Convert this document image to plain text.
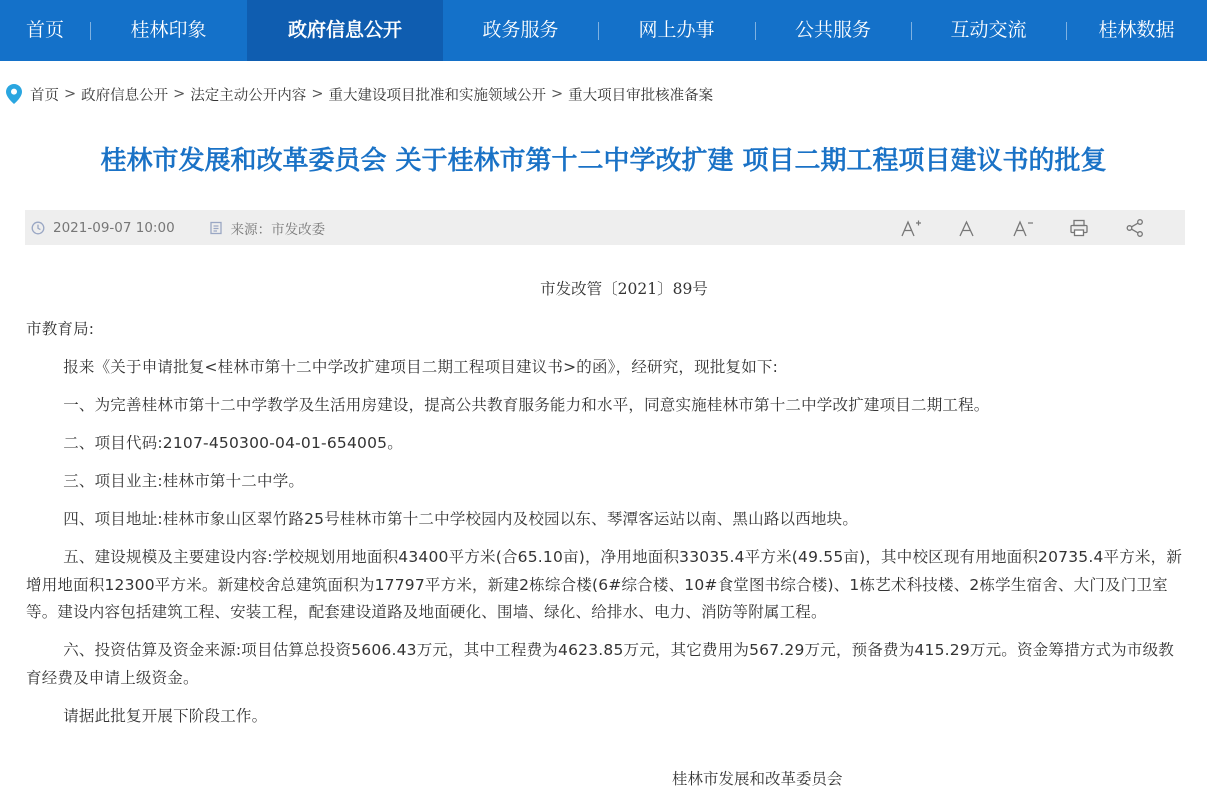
首页	桂林印象	政府信息公开	政务服务	网上办事	公共服务	互动交流	桂林数据
首页 > 政府信息公开 > 法定主动公开内容 > 重大建设项目批准和实施领域公开 > 重大项目审批核准备案
桂林市发展和改革委员会 关于桂林市第十二中学改扩建 项目二期工程项目建议书的批复
2021-09-07 10:00	来源：市发改委
市发改管〔2021〕89号

市教育局:

报来《关于申请批复<桂林市第十二中学改扩建项目二期工程项目建议书>的函》，经研究，现批复如下:

一、为完善桂林市第十二中学教学及生活用房建设，提高公共教育服务能力和水平，同意实施桂林市第十二中学改扩建项目二期工程。

二、项目代码:2107-450300-04-01-654005。

三、项目业主:桂林市第十二中学。

四、项目地址:桂林市象山区翠竹路25号桂林市第十二中学校园内及校园以东、琴潭客运站以南、黑山路以西地块。

五、建设规模及主要建设内容:学校规划用地面积43400平方米(合65.10亩)，净用地面积33035.4平方米(49.55亩)，其中校区现有用地面积20735.4平方米，新增用地面积12300平方米。新建校舍总建筑面积为17797平方米，新建2栋综合楼(6#综合楼、10#食堂图书综合楼)、1栋艺术科技楼、2栋学生宿舍、大门及门卫室等。建设内容包括建筑工程、安装工程，配套建设道路及地面硬化、围墙、绿化、给排水、电力、消防等附属工程。

六、投资估算及资金来源:项目估算总投资5606.43万元，其中工程费为4623.85万元，其它费用为567.29万元，预备费为415.29万元。资金筹措方式为市级教育经费及申请上级资金。

请据此批复开展下阶段工作。

桂林市发展和改革委员会
